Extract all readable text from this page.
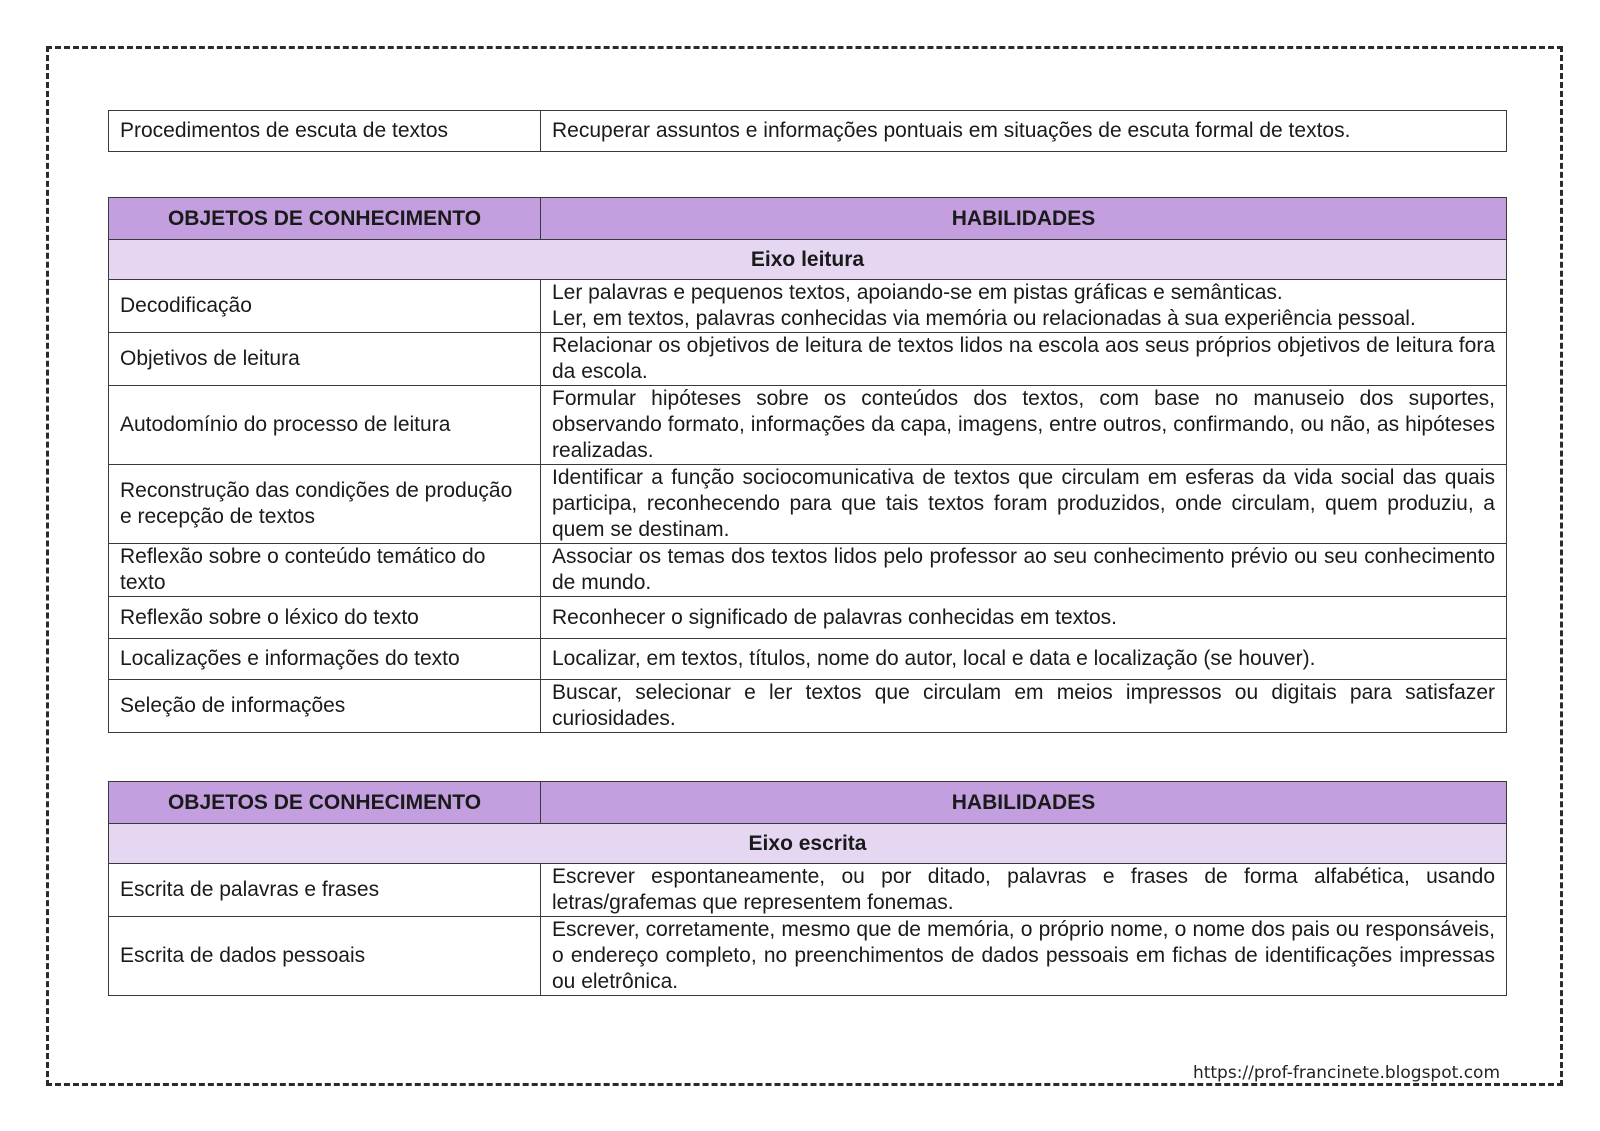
Procedimentos de escuta de textos	Recuperar assuntos e informações pontuais em situações de escuta formal de textos.
OBJETOS DE CONHECIMENTO	HABILIDADES
Eixo leitura	
Decodificação	Ler palavras e pequenos textos, apoiando-se em pistas gráficas e semânticas.

Ler, em textos, palavras conhecidas via memória ou relacionadas à sua experiência pessoal.

Objetivos de leitura	Relacionar os objetivos de leitura de textos lidos na escola aos seus próprios objetivos de leitura fora da escola.
Autodomínio do processo de leitura	Formular hipóteses sobre os conteúdos dos textos, com base no manuseio dos suportes, observando formato, informações da capa, imagens, entre outros, confirmando, ou não, as hipóteses realizadas.
Reconstrução das condições de produção e recepção de textos	Identificar a função sociocomunicativa de textos que circulam em esferas da vida social das quais participa, reconhecendo para que tais textos foram produzidos, onde circulam, quem produziu, a quem se destinam.
Reflexão sobre o conteúdo temático do texto	Associar os temas dos textos lidos pelo professor ao seu conhecimento prévio ou seu conhecimento de mundo.
Reflexão sobre o léxico do texto	Reconhecer o significado de palavras conhecidas em textos.
Localizações e informações do texto	Localizar, em textos, títulos, nome do autor, local e data e localização (se houver).
Seleção de informações	Buscar, selecionar e ler textos que circulam em meios impressos ou digitais para satisfazer curiosidades.
OBJETOS DE CONHECIMENTO	HABILIDADES
Eixo escrita	
Escrita de palavras e frases	Escrever espontaneamente, ou por ditado, palavras e frases de forma alfabética, usando letras/grafemas que representem fonemas.
Escrita de dados pessoais	Escrever, corretamente, mesmo que de memória, o próprio nome, o nome dos pais ou responsáveis, o endereço completo, no preenchimentos de dados pessoais em fichas de identificações impressas ou eletrônica.
https://prof-francinete.blogspot.com
